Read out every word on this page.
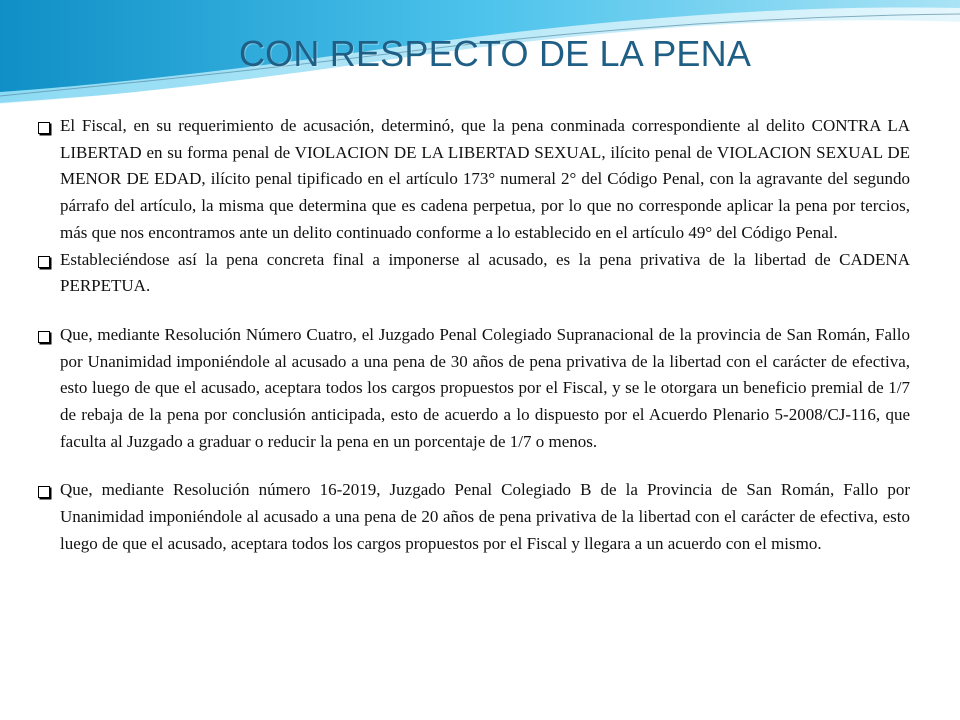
CON RESPECTO DE LA PENA
El Fiscal, en su requerimiento de acusación, determinó, que la pena conminada correspondiente al delito CONTRA LA LIBERTAD en su forma penal de VIOLACION DE LA LIBERTAD SEXUAL, ilícito penal de VIOLACION SEXUAL DE MENOR DE EDAD, ilícito penal tipificado en el artículo 173° numeral 2° del Código Penal, con la agravante del segundo párrafo del artículo, la misma que determina que es cadena perpetua, por lo que no corresponde aplicar la pena por tercios, más que nos encontramos ante un delito continuado conforme a lo establecido en el artículo 49° del Código Penal.
Estableciéndose así la pena concreta final a imponerse al acusado, es la pena privativa de la libertad de CADENA PERPETUA.
Que, mediante Resolución Número Cuatro, el Juzgado Penal Colegiado Supranacional de la provincia de San Román, Fallo por Unanimidad imponiéndole al acusado a una pena de 30 años de pena privativa de la libertad con el carácter de efectiva, esto luego de que el acusado, aceptara todos los cargos propuestos por el Fiscal, y se le otorgara un beneficio premial de 1/7 de rebaja de la pena por conclusión anticipada, esto de acuerdo a lo dispuesto por el Acuerdo Plenario 5-2008/CJ-116, que faculta al Juzgado a graduar o reducir la pena en un porcentaje de 1/7 o menos.
Que, mediante Resolución número 16-2019, Juzgado Penal Colegiado B de la Provincia de San Román, Fallo por Unanimidad imponiéndole al acusado a una pena de 20 años de pena privativa de la libertad con el carácter de efectiva, esto luego de que el acusado, aceptara todos los cargos propuestos por el Fiscal y llegara a un acuerdo con el mismo.
